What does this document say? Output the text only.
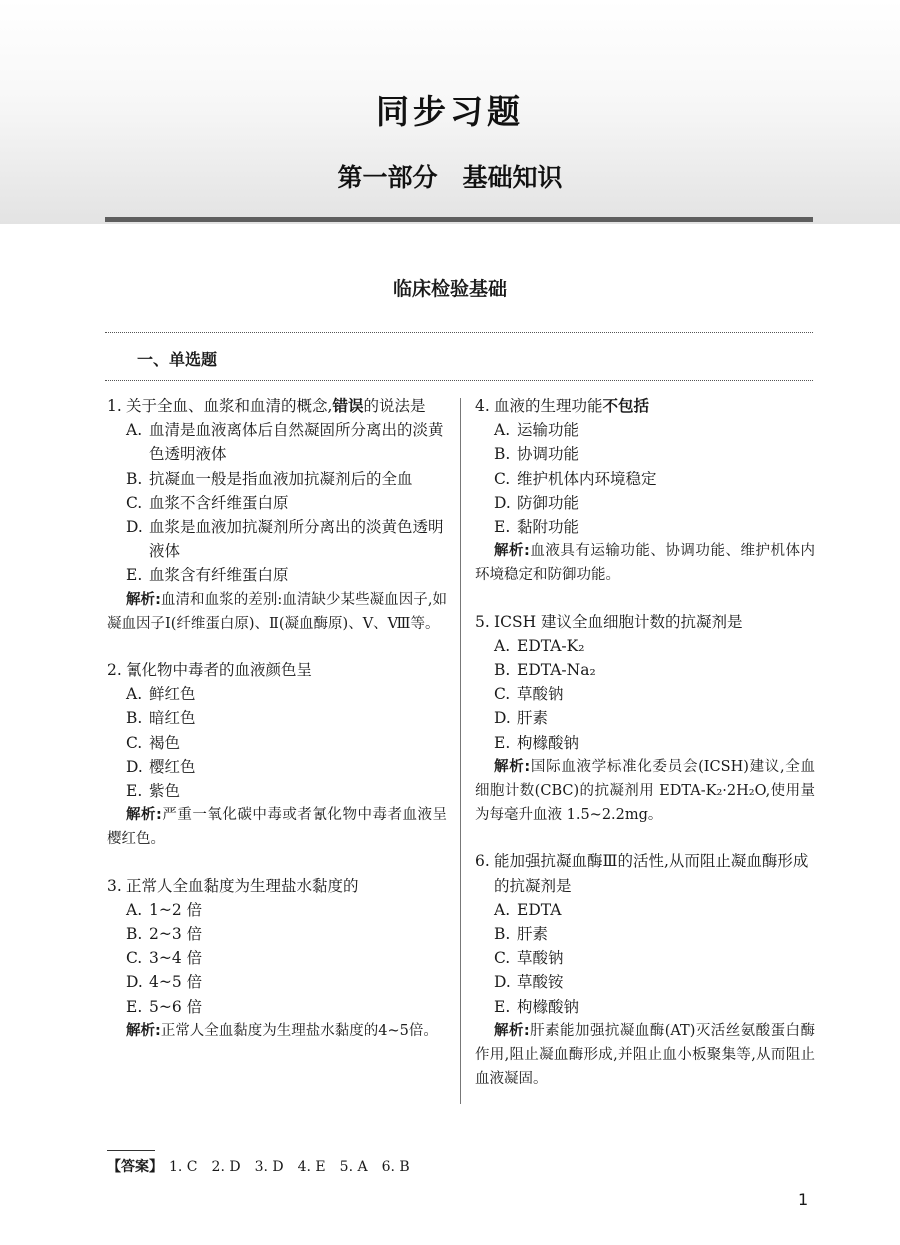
同步习题
第一部分　基础知识
临床检验基础
一、单选题
1. 关于全血、血浆和血清的概念,错误的说法是
A. 血清是血液离体后自然凝固所分离出的淡黄色透明液体
B. 抗凝血一般是指血液加抗凝剂后的全血
C. 血浆不含纤维蛋白原
D. 血浆是血液加抗凝剂所分离出的淡黄色透明液体
E. 血浆含有纤维蛋白原
解析:血清和血浆的差别:血清缺少某些凝血因子,如凝血因子Ⅰ(纤维蛋白原)、Ⅱ(凝血酶原)、Ⅴ、Ⅷ等。
2. 氰化物中毒者的血液颜色呈
A. 鲜红色
B. 暗红色
C. 褐色
D. 樱红色
E. 紫色
解析:严重一氧化碳中毒或者氰化物中毒者血液呈樱红色。
3. 正常人全血黏度为生理盐水黏度的
A. 1~2 倍
B. 2~3 倍
C. 3~4 倍
D. 4~5 倍
E. 5~6 倍
解析:正常人全血黏度为生理盐水黏度的4~5倍。
4. 血液的生理功能不包括
A. 运输功能
B. 协调功能
C. 维护机体内环境稳定
D. 防御功能
E. 黏附功能
解析:血液具有运输功能、协调功能、维护机体内环境稳定和防御功能。
5. ICSH 建议全血细胞计数的抗凝剂是
A. EDTA-K₂
B. EDTA-Na₂
C. 草酸钠
D. 肝素
E. 枸橼酸钠
解析:国际血液学标准化委员会(ICSH)建议,全血细胞计数(CBC)的抗凝剂用 EDTA-K₂·2H₂O,使用量为每毫升血液 1.5~2.2mg。
6. 能加强抗凝血酶Ⅲ的活性,从而阻止凝血酶形成的抗凝剂是
A. EDTA
B. 肝素
C. 草酸钠
D. 草酸铵
E. 枸橼酸钠
解析:肝素能加强抗凝血酶(AT)灭活丝氨酸蛋白酶作用,阻止凝血酶形成,并阻止血小板聚集等,从而阻止血液凝固。
【答案】 1. C 2. D 3. D 4. E 5. A 6. B
1
